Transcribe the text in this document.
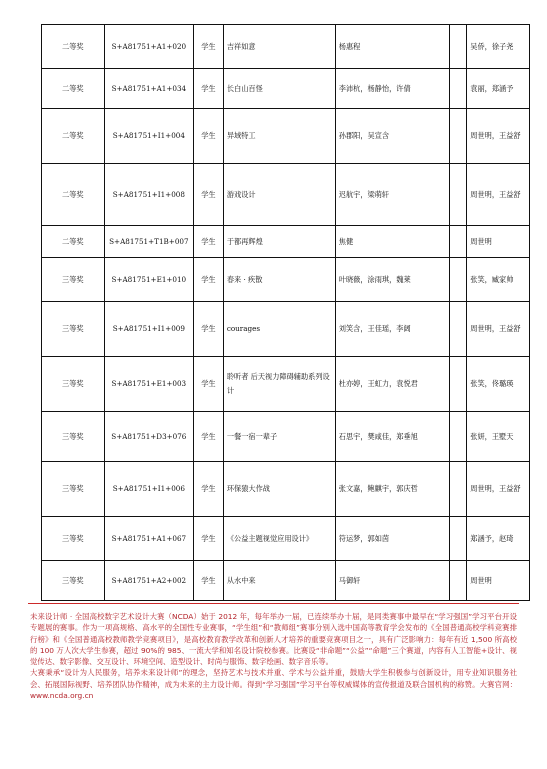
二等奖	S+A81751+A1+020	学生	吉祥如意	杨惠程		吴侨，徐子尧
二等奖	S+A81751+A1+034	学生	长白山百怪	李沛杭，杨静怡，许倩		袁丽，郑涵予
二等奖	S+A81751+I1+004	学生	异域特工	孙郡阳，吴宣含		周世明，王益舒
二等奖	S+A81751+I1+008	学生	游戏设计	迟航宇，梁萌轩		周世明，王益舒
二等奖	S+A81751+T1B+007	学生	于都再辉煌	焦健		周世明
三等奖	S+A81751+E1+010	学生	春来 · 疾散	叶晓薇，涂雨琪，魏莱		张笑，臧家帅
三等奖	S+A81751+I1+009	学生	courages	刘笑含，王佳瑶，李阔		周世明，王益舒
三等奖	S+A81751+E1+003	学生	聆听者 后天视力障碍辅助系列设计	杜亦婷，王虹力，袁悦君		张笑，佟璐瑛
三等奖	S+A81751+D3+076	学生	一餐一宿一辈子	石思宇，樊咸佳，郑垂旭		张妍，王墅天
三等奖	S+A81751+I1+006	学生	环保猿大作战	张文嘉，鲍麒宇，郭庆哲		周世明，王益舒
三等奖	S+A81751+A1+067	学生	《公益主题视觉应用设计》	符运梦，郭如茵		郑涵予，赵琦
三等奖	S+A81751+A2+002	学生	从水中来	马御轩		周世明

未来设计师 · 全国高校数字艺术设计大赛（NCDA）始于 2012 年，每年举办一届，已连续举办十届，是同类赛事中最早在“学习强国”学习平台开设专题展的赛事。作为一项高规格、高水平的全国性专业赛事，“学生组”和“教师组”赛事分别入选中国高等教育学会发布的《全国普通高校学科竞赛排行榜》和《全国普通高校教师教学竞赛项目》，是高校教育教学改革和创新人才培养的重要竞赛项目之一，具有广泛影响力：每年有近 1,500 所高校的 100 万人次大学生参赛，超过 90%的 985、一流大学和知名设计院校参赛。比赛设“非命题”“公益”“命题”三个赛道，内容有人工智能+设计、视觉传达、数字影像、交互设计、环境空间、造型设计、时尚与服饰、数字绘画、数字音乐等。

大赛秉承“设计为人民服务，培养未来设计师”的理念，坚持艺术与技术并重、学术与公益并重，鼓励大学生积极参与创新设计，用专业知识服务社会、拓展国际视野、培养团队协作精神，成为未来的主力设计师。得到“学习强国”学习平台等权威媒体的宣传报道及联合国机构的称赞。大赛官网：www.ncda.org.cn
